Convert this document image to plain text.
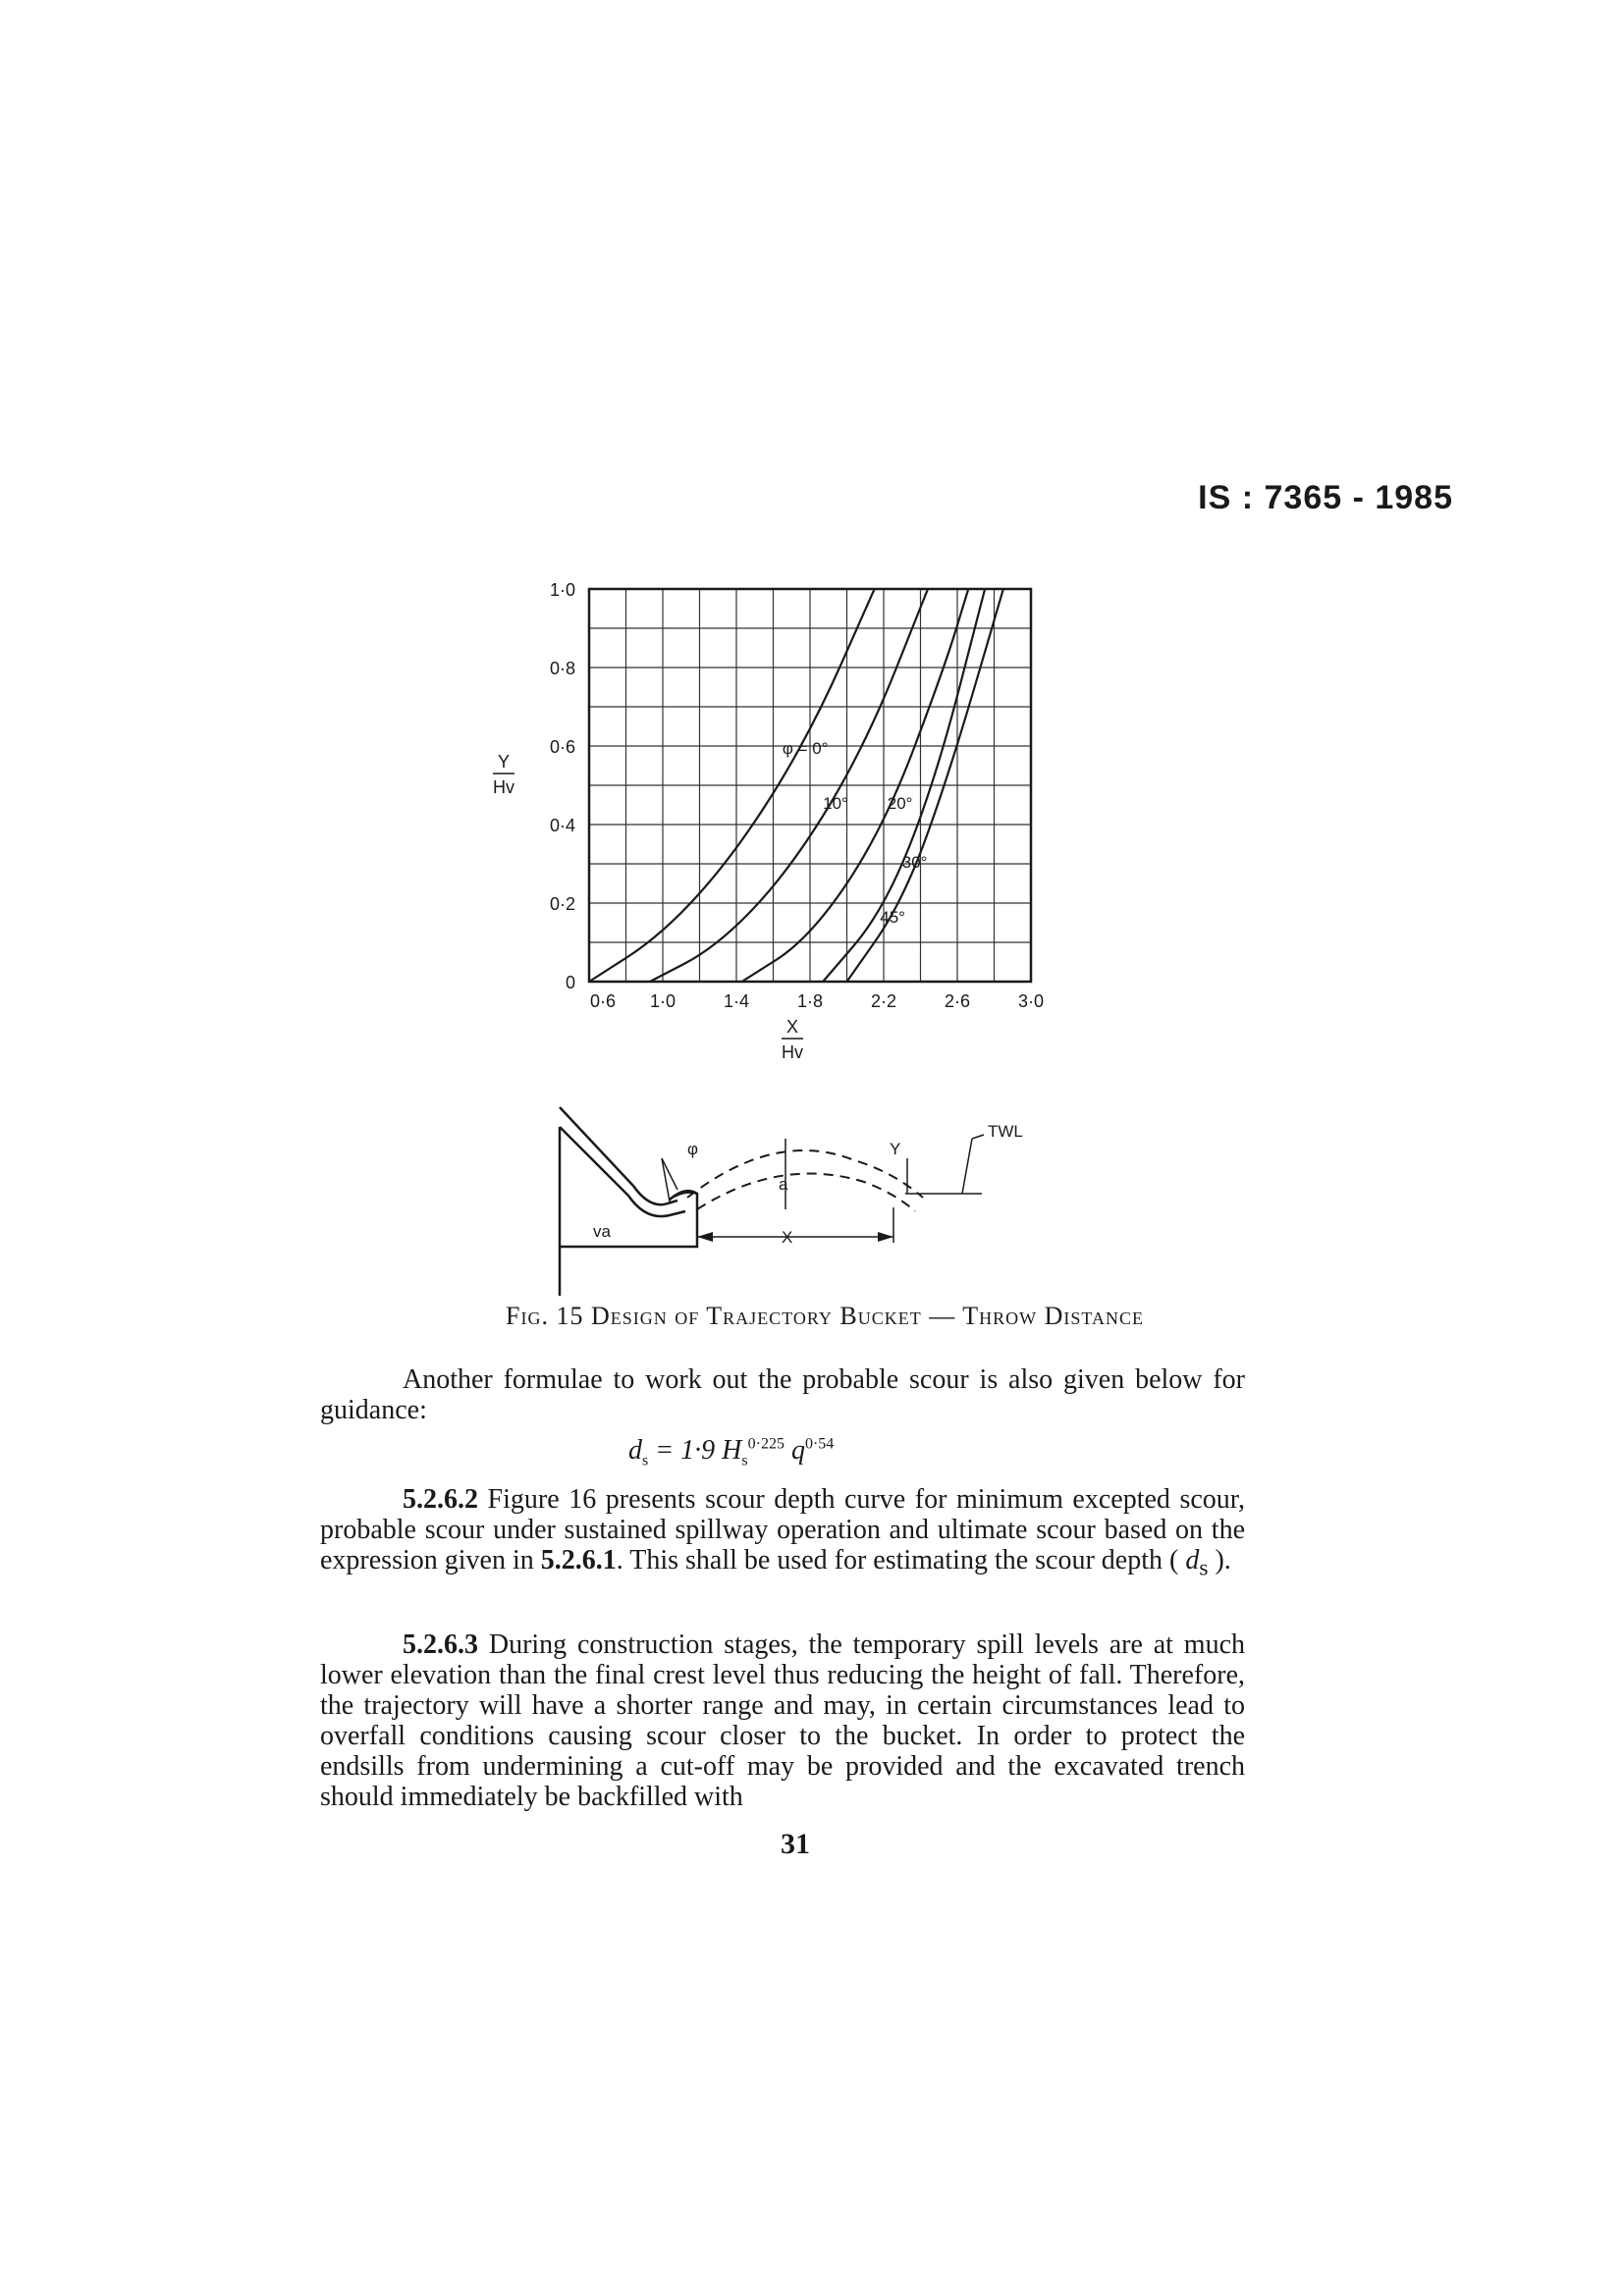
IS : 7365 - 1985
φ = 0°
10° 20°
30°
45°
0
0·2
0·4
0·6
0·8
1·0
0·6 1·0	1·4	1·8	2·2	2·6	3·0
Y
Hv
X
Hv
φ
a
Y
TWL
va	X
Fig. 15 Design of Trajectory Bucket — Throw Distance
Another formulae to work out the probable scour is also given below for guidance:
$d_s = 1\cdot 9$ $H_s^{0\cdot 225}$ $q^{0\cdot 54}$
5.2.6.2 Figure 16 presents scour depth curve for minimum excepted scour, probable scour under sustained spillway operation and ultimate scour based on the expression given in 5.2.6.1. This shall be used for estimating the scour depth ( $d_s$ ).
5.2.6.3 During construction stages, the temporary spill levels are at much lower elevation than the final crest level thus reducing the height of fall. Therefore, the trajectory will have a shorter range and may, in certain circumstances lead to overfall conditions causing scour closer to the bucket. In order to protect the endsills from undermining a cut-off may be provided and the excavated trench should immediately be backfilled with
31
